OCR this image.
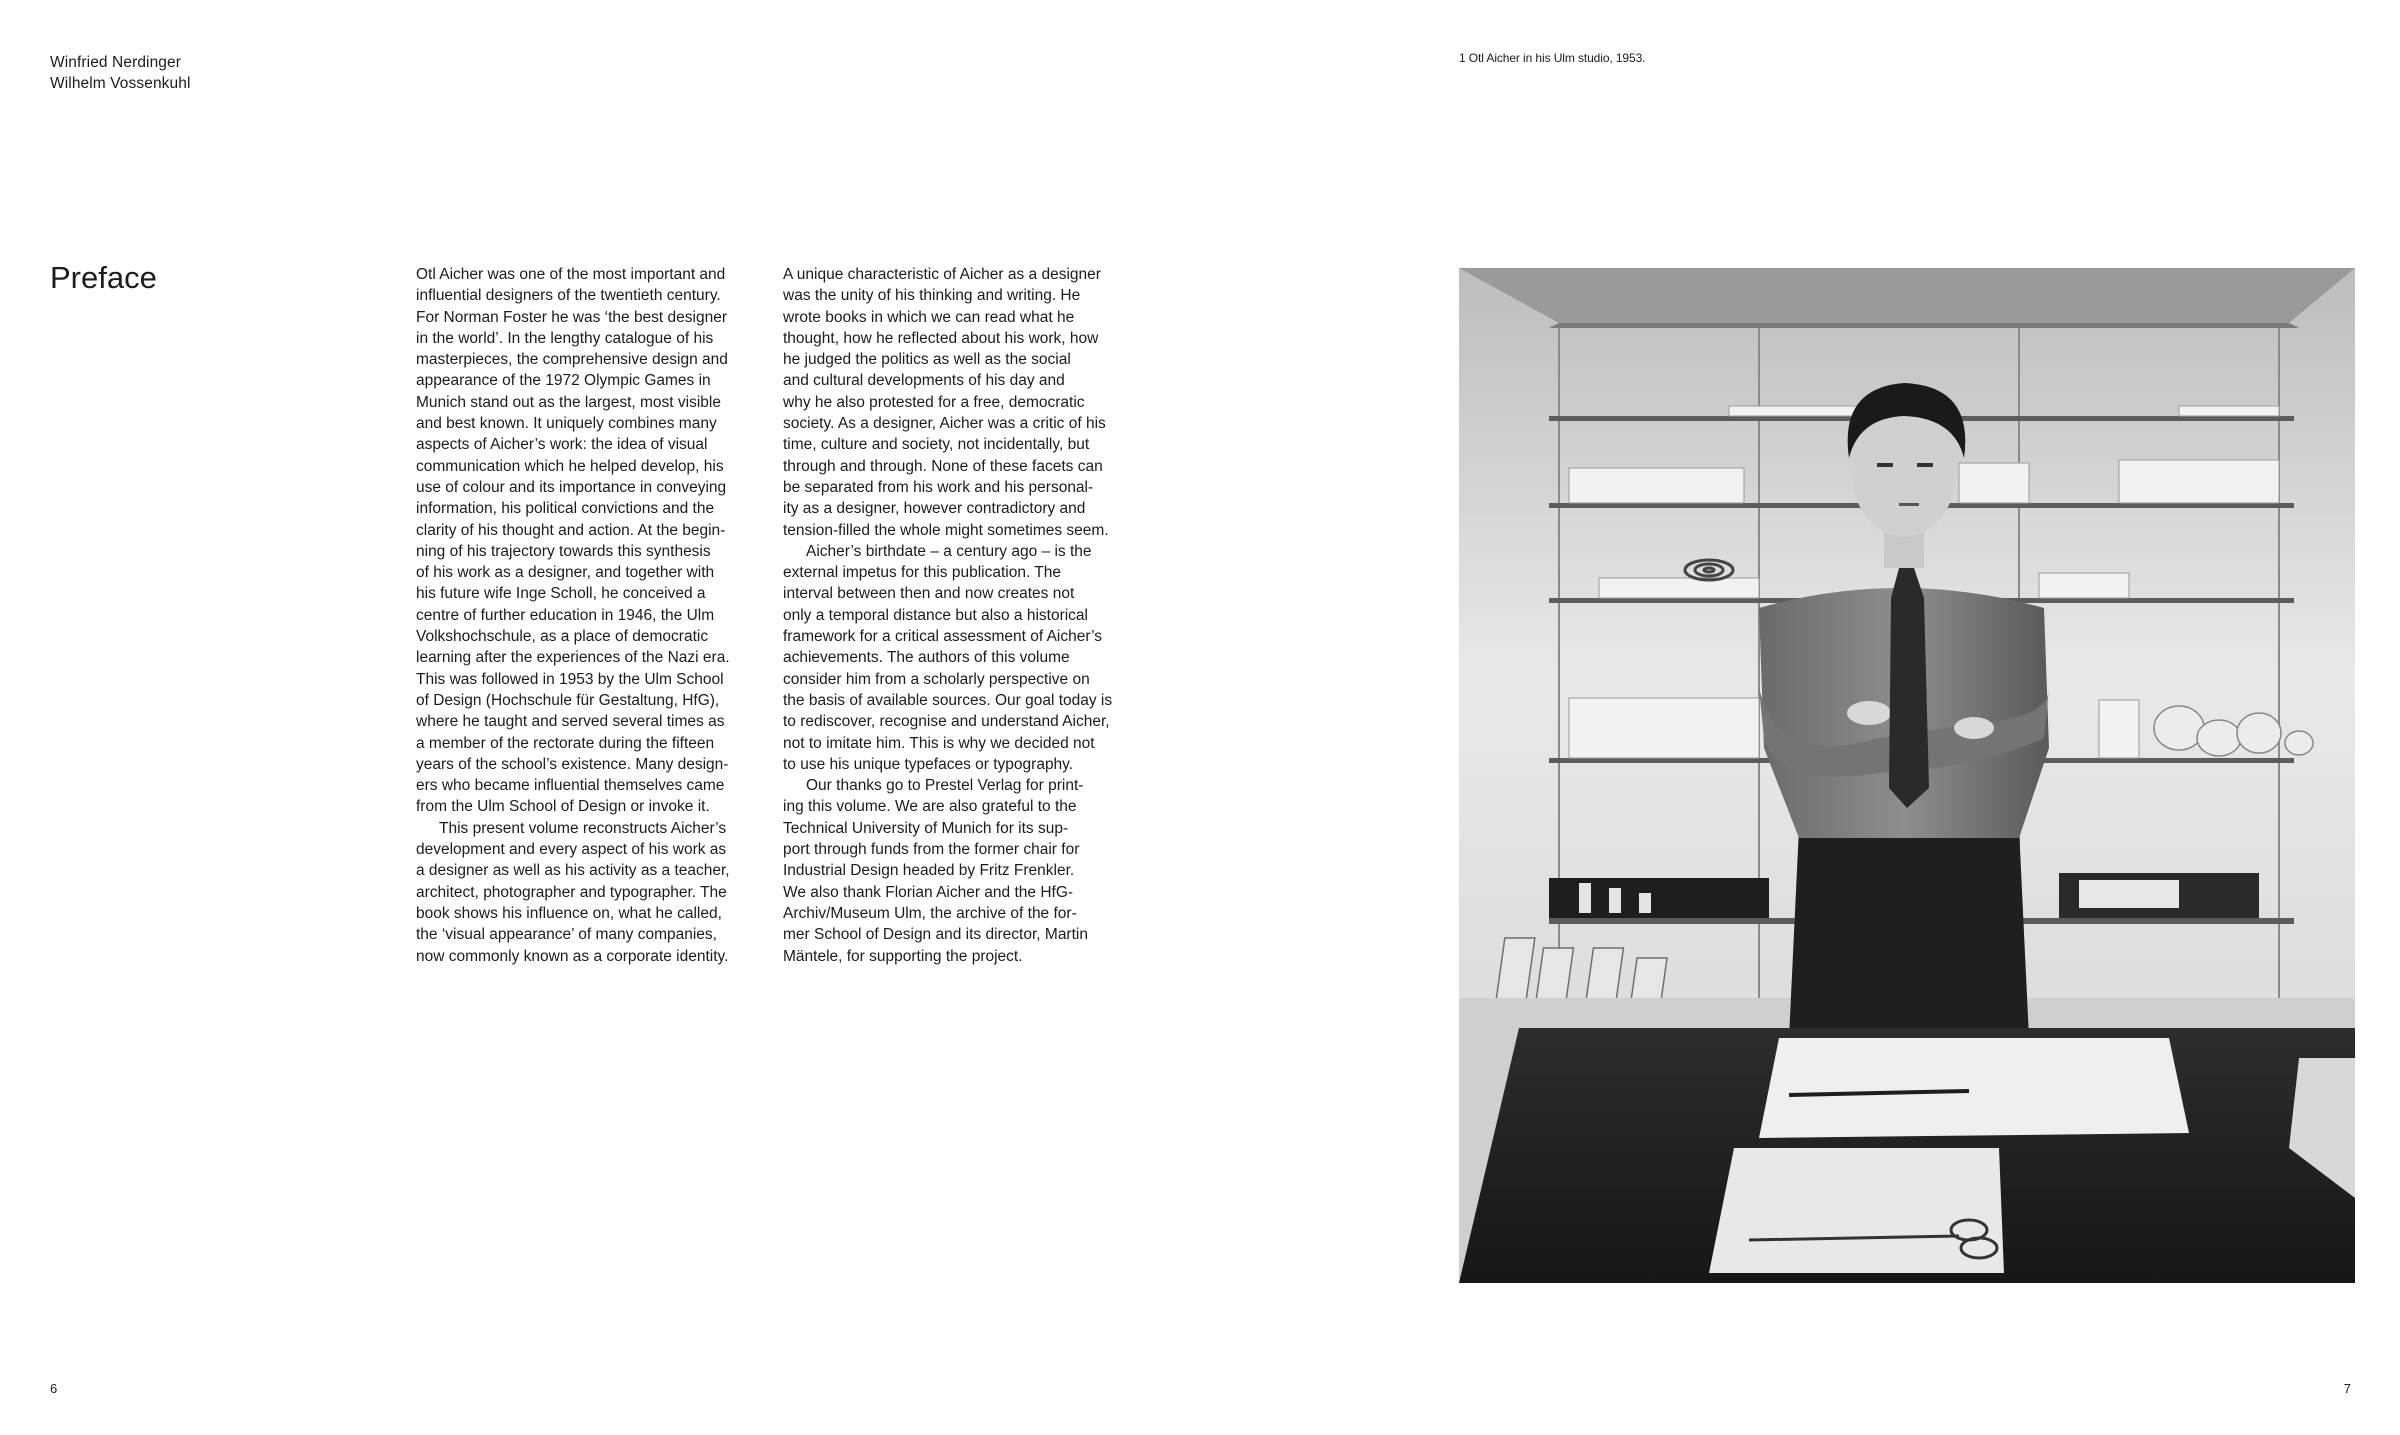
Winfried Nerdinger
Wilhelm Vossenkuhl
Preface	Otl Aicher was one of the most important and
influential designers of the twentieth century.
For Norman Foster he was ‘the best designer
in the world’. In the lengthy catalogue of his
masterpieces, the comprehensive design and
appearance of the 1972 Olympic Games in
Munich stand out as the largest, most visible
and best known. It uniquely combines many
aspects of Aicher’s work: the idea of visual
communication which he helped develop, his
use of colour and its importance in conveying
information, his political convictions and the
clarity of his thought and action. At the begin-
ning of his trajectory towards this synthesis
of his work as a designer, and together with
his future wife Inge Scholl, he conceived a
centre of further education in 1946, the Ulm
Volkshochschule, as a place of democratic
learning after the experiences of the Nazi era.
This was followed in 1953 by the Ulm School
of Design (Hochschule für Gestaltung, HfG),
where he taught and served several times as
a member of the rectorate during the fifteen
years of the school’s existence. Many design-
ers who became influential themselves came
from the Ulm School of Design or invoke it.
This present volume reconstructs Aicher’s
development and every aspect of his work as
a designer as well as his activity as a teacher,
architect, photographer and typographer. The
book shows his influence on, what he called,
the ‘visual appearance’ of many companies,
now commonly known as a corporate identity.
A unique characteristic of Aicher as a designer
was the unity of his thinking and writing. He
wrote books in which we can read what he
thought, how he reflected about his work, how
he judged the politics as well as the social
and cultural developments of his day and
why he also protested for a free, democratic
society. As a designer, Aicher was a critic of his
time, culture and society, not incidentally, but
through and through. None of these facets can
be separated from his work and his personal-
ity as a designer, however contradictory and
tension-filled the whole might sometimes seem.
Aicher’s birthdate – a century ago – is the
external impetus for this publication. The
interval between then and now creates not
only a temporal distance but also a historical
framework for a critical assessment of Aicher’s
achievements. The authors of this volume
consider him from a scholarly perspective on
the basis of available sources. Our goal today is
to rediscover, recognise and understand Aicher,
not to imitate him. This is why we decided not
to use his unique typefaces or typography.
Our thanks go to Prestel Verlag for print-
ing this volume. We are also grateful to the
Technical University of Munich for its sup-
port through funds from the former chair for
Industrial Design headed by Fritz Frenkler.
We also thank Florian Aicher and the HfG-
Archiv/Museum Ulm, the archive of the for-
mer School of Design and its director, Martin
Mäntele, for supporting the project.
6
1 Otl Aicher in his Ulm studio, 1953.
7
